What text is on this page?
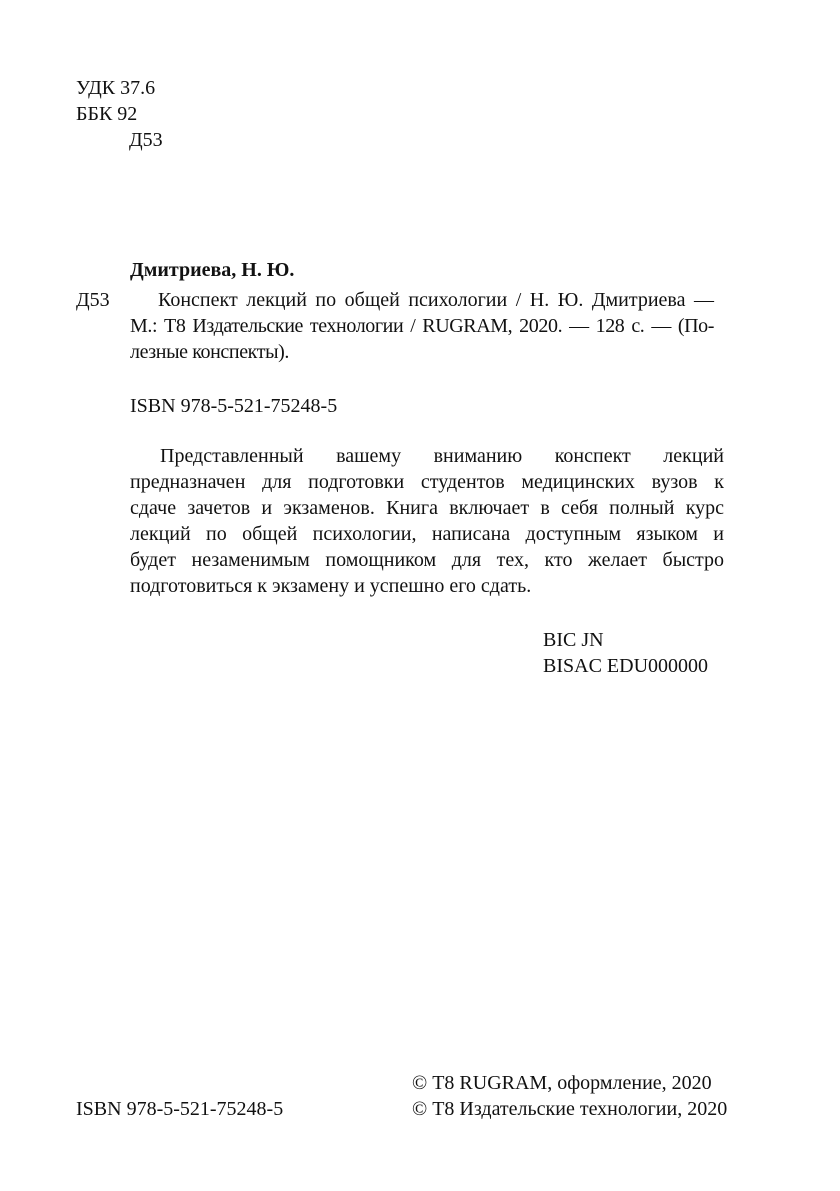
УДК 37.6
ББК 92
Д53
Дмитриева, Н. Ю.
Д53 Конспект лекций по общей психологии / Н. Ю. Дмитриева —
М.: Т8 Издательские технологии / RUGRAM, 2020. — 128 с. — (По-
лезные конспекты).
ISBN 978-5-521-75248-5
Представленный вашему вниманию конспект лекций
предназначен для подготовки студентов медицинских вузов к
сдаче зачетов и экзаменов. Книга включает в себя полный курс
лекций по общей психологии, написана доступным языком и
будет незаменимым помощником для тех, кто желает быстро
подготовиться к экзамену и успешно его сдать.
BIC JN
BISAC EDU000000
ISBN 978-5-521-75248-5
© Т8 RUGRAM, оформление, 2020
© Т8 Издательские технологии, 2020
